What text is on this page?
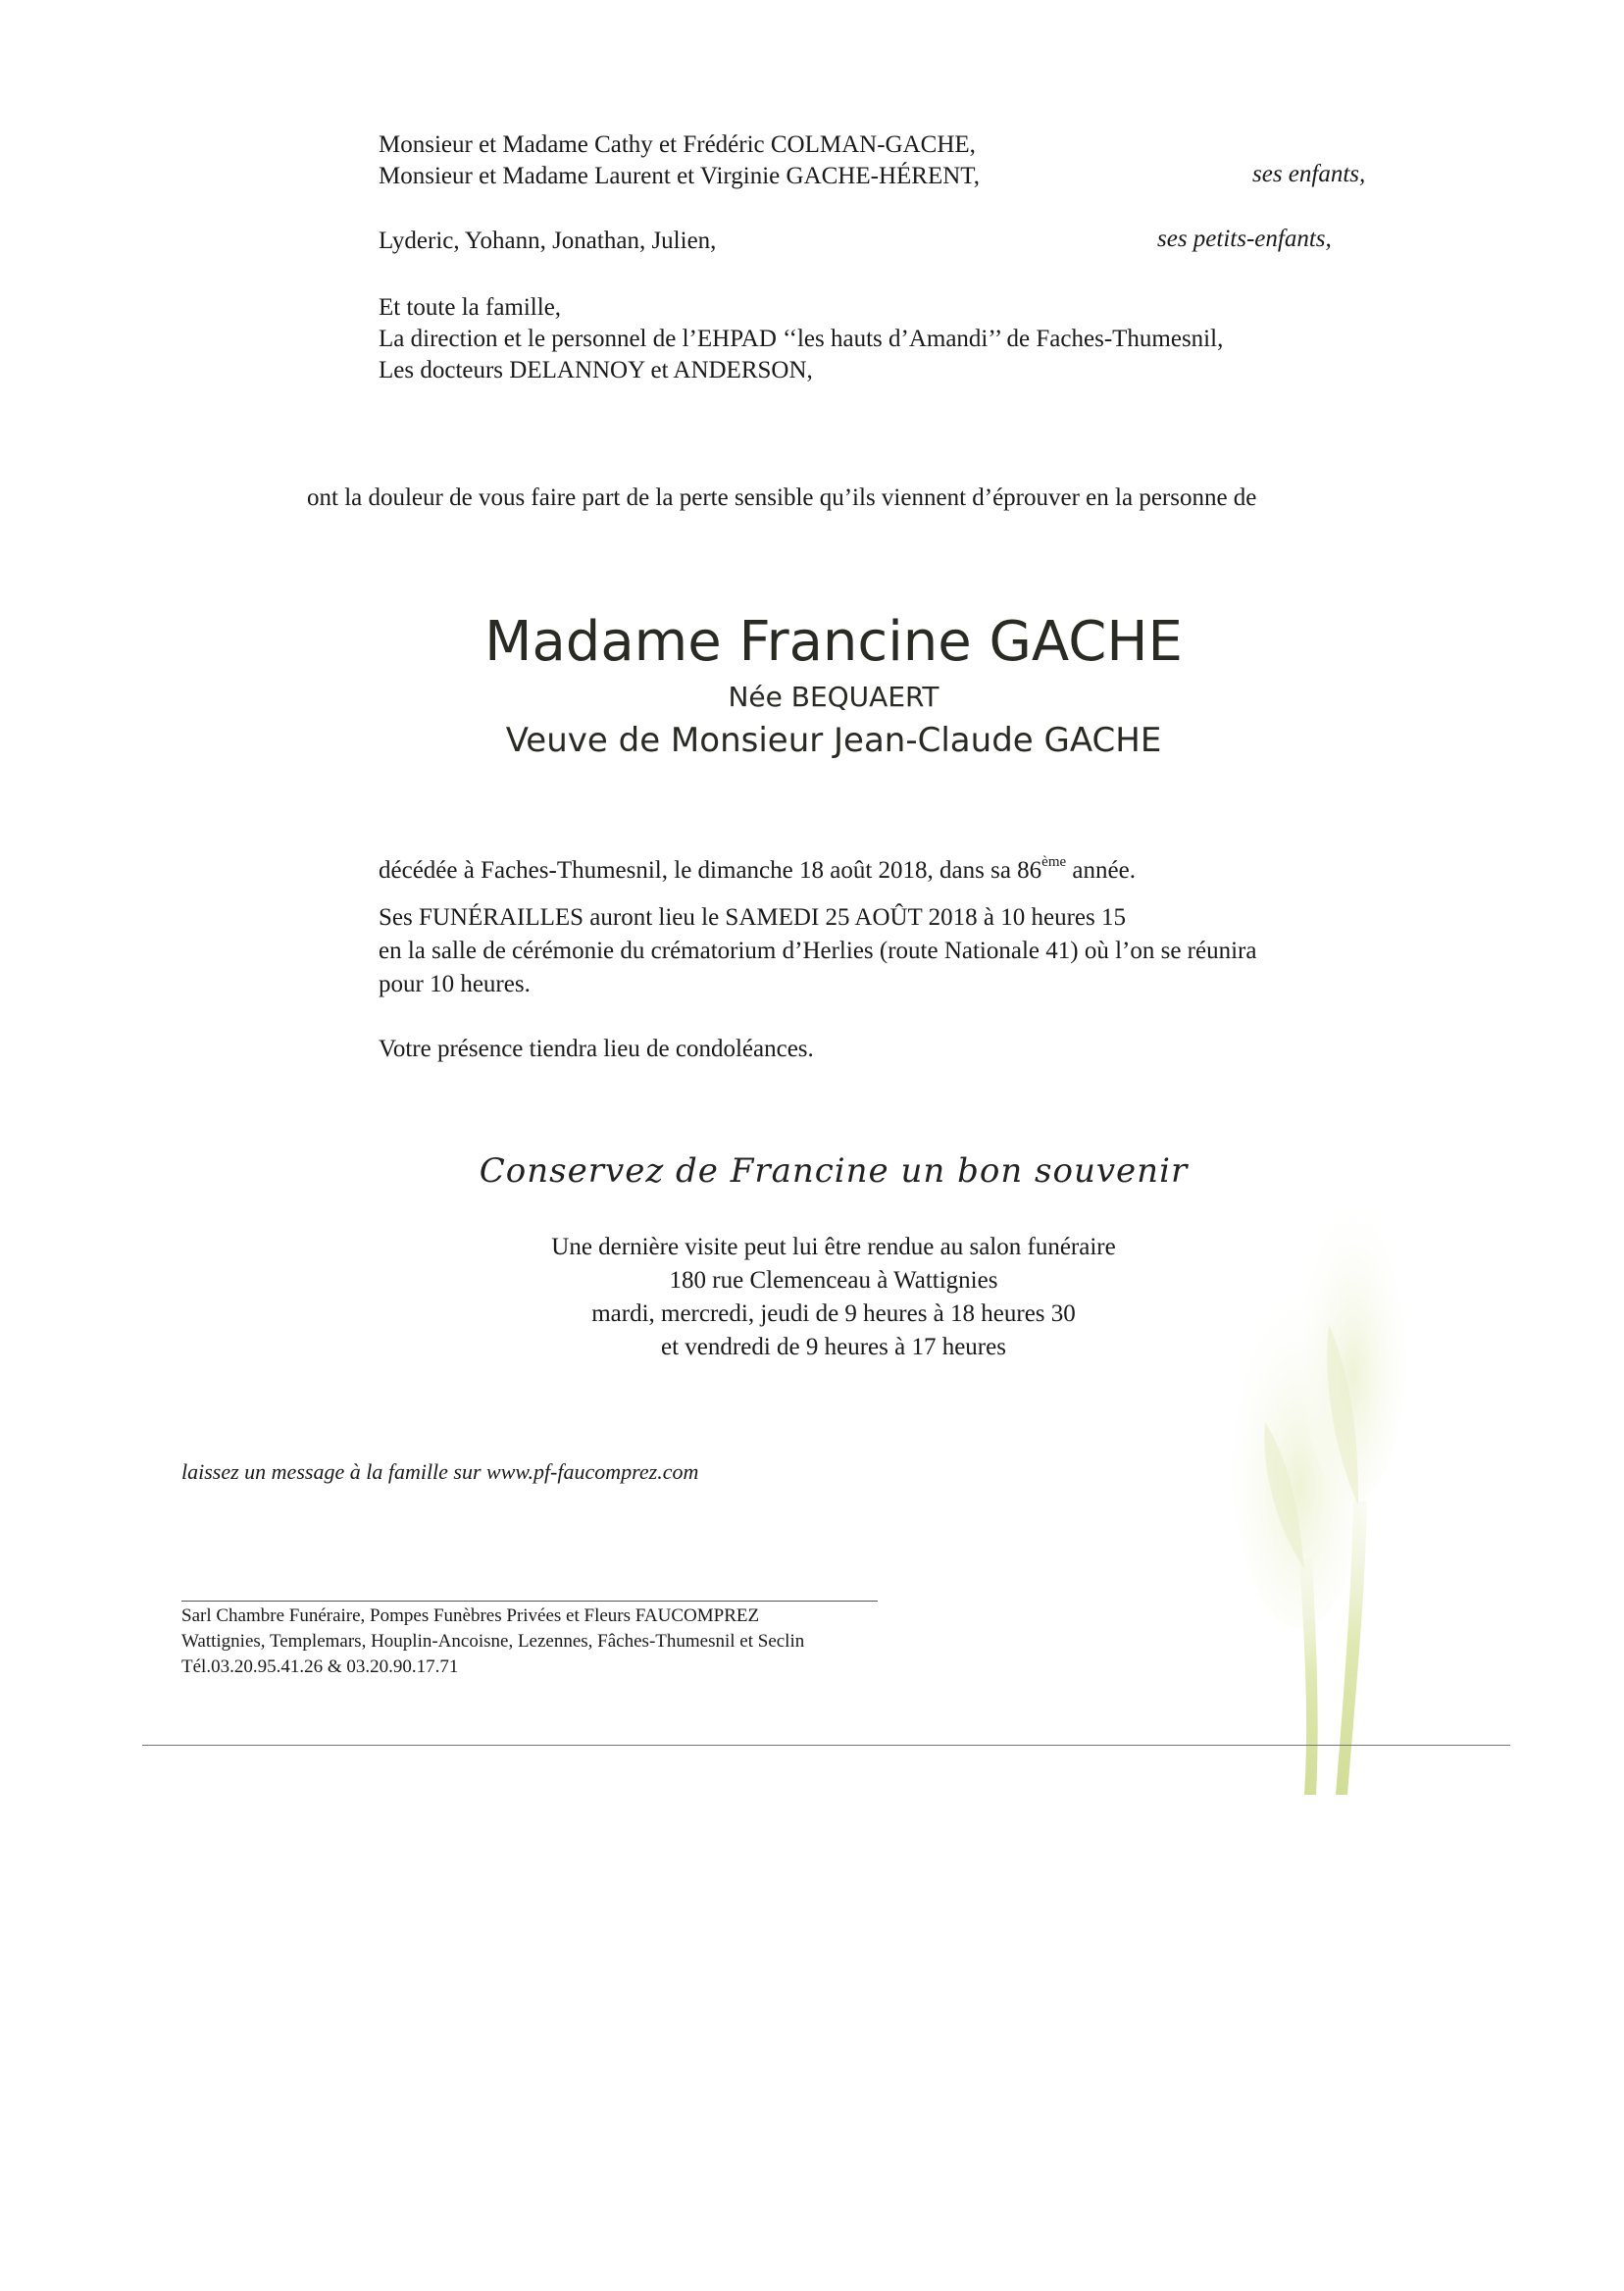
Monsieur et Madame Cathy et Frédéric COLMAN-GACHE,

Monsieur et Madame Laurent et Virginie GACHE-HÉRENT,	ses enfants,

Lyderic, Yohann, Jonathan, Julien,	ses petits-enfants,

Et toute la famille,

La direction et le personnel de l’EHPAD ‘‘les hauts d’Amandi’’ de Faches-Thumesnil,

Les docteurs DELANNOY et ANDERSON,

ont la douleur de vous faire part de la perte sensible qu’ils viennent d’éprouver en la personne de

Madame Francine GACHE

Née BEQUAERT

Veuve de Monsieur Jean-Claude GACHE

décédée à Faches-Thumesnil, le dimanche 18 août 2018, dans sa 86ème année.

Ses FUNÉRAILLES auront lieu le SAMEDI 25 AOÛT 2018 à 10 heures 15

en la salle de cérémonie du crématorium d’Herlies (route Nationale 41) où l’on se réunira

pour 10 heures.

Votre présence tiendra lieu de condoléances.

Conservez de Francine un bon souvenir

Une dernière visite peut lui être rendue au salon funéraire

180 rue Clemenceau à Wattignies

mardi, mercredi, jeudi de 9 heures à 18 heures 30

et vendredi de 9 heures à 17 heures

laissez un message à la famille sur www.pf-faucomprez.com

Sarl Chambre Funéraire, Pompes Funèbres Privées et Fleurs FAUCOMPREZ

Wattignies, Templemars, Houplin-Ancoisne, Lezennes, Fâches-Thumesnil et Seclin

Tél.03.20.95.41.26 & 03.20.90.17.71
